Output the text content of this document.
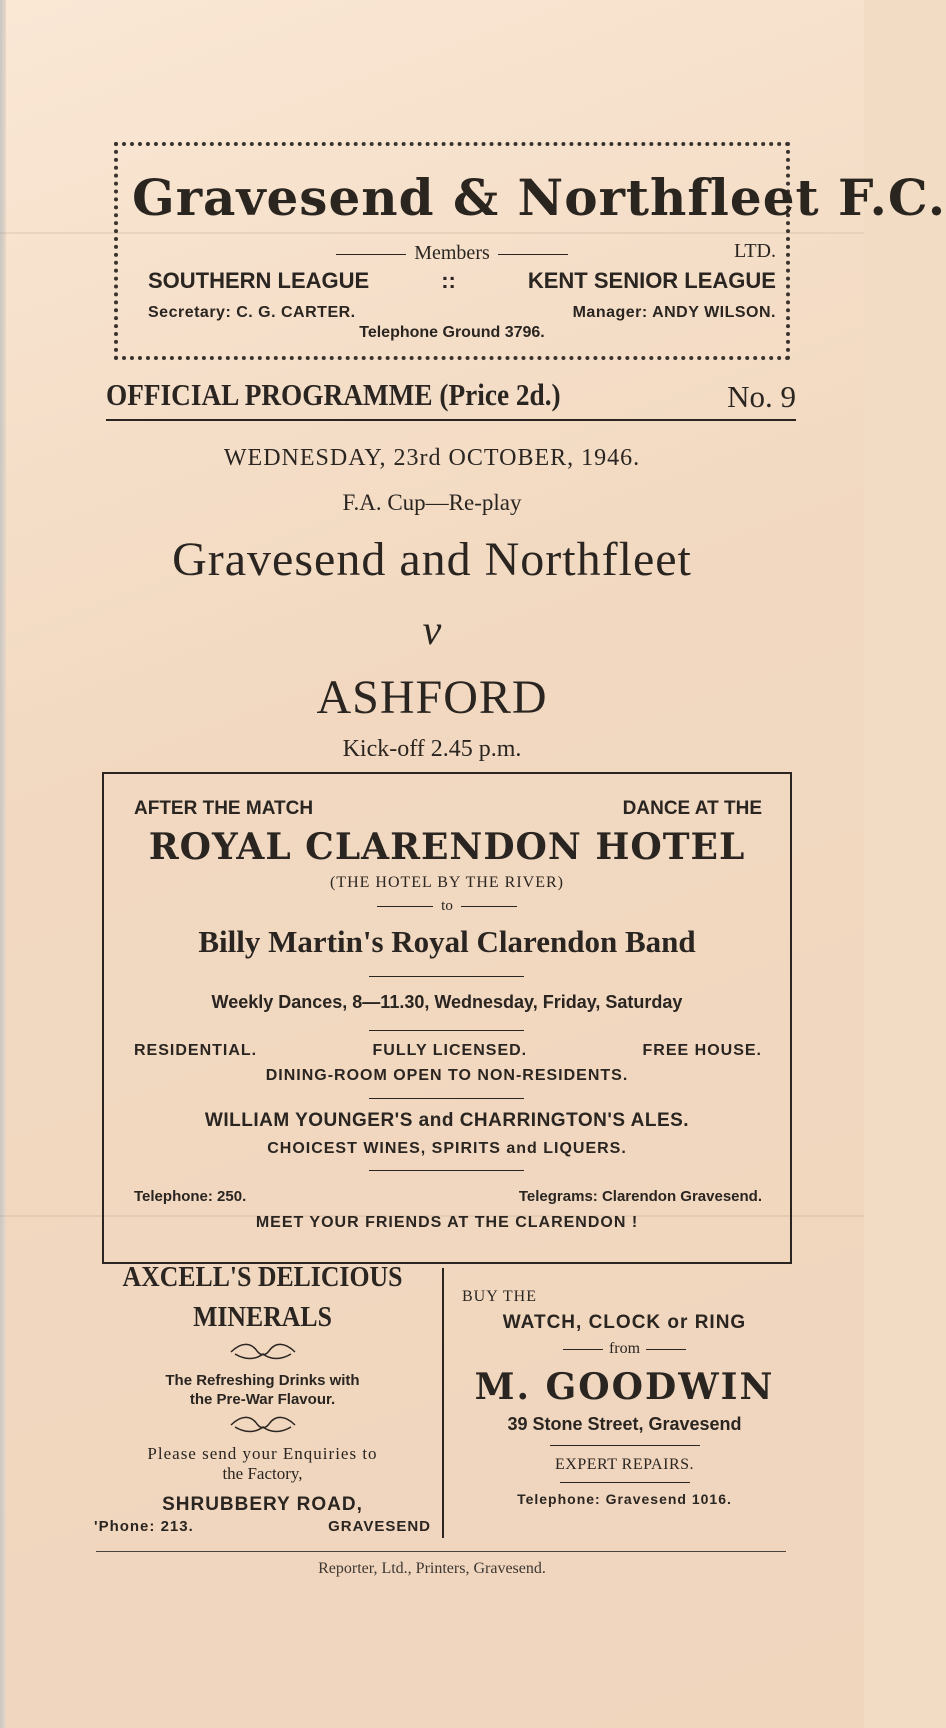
Gravesend & Northfleet F.C.
Members	LTD.
SOUTHERN LEAGUE	::	KENT SENIOR LEAGUE
Secretary: C. G. CARTER.	Manager: ANDY WILSON.
Telephone Ground 3796.
OFFICIAL PROGRAMME (Price 2d.)	No. 9
WEDNESDAY, 23rd OCTOBER, 1946.
F.A. Cup—Re-play
Gravesend and Northfleet
v
ASHFORD
Kick-off 2.45 p.m.
AFTER THE MATCH	DANCE AT THE
ROYAL CLARENDON HOTEL
(THE HOTEL BY THE RIVER)
to
Billy Martin's Royal Clarendon Band
Weekly Dances, 8—11.30, Wednesday, Friday, Saturday
RESIDENTIAL.	FULLY LICENSED.	FREE HOUSE.
DINING-ROOM OPEN TO NON-RESIDENTS.
WILLIAM YOUNGER'S and CHARRINGTON'S ALES.
CHOICEST WINES, SPIRITS and LIQUERS.
Telephone: 250.	Telegrams: Clarendon Gravesend.
MEET YOUR FRIENDS AT THE CLARENDON !
AXCELL'S DELICIOUS
MINERALS
The Refreshing Drinks with
the Pre-War Flavour.
Please send your Enquiries to
the Factory,
SHRUBBERY ROAD,
'Phone: 213.	GRAVESEND
BUY THE
WATCH, CLOCK or RING
from
M. GOODWIN
39 Stone Street, Gravesend
EXPERT REPAIRS.
Telephone: Gravesend 1016.
Reporter, Ltd., Printers, Gravesend.
